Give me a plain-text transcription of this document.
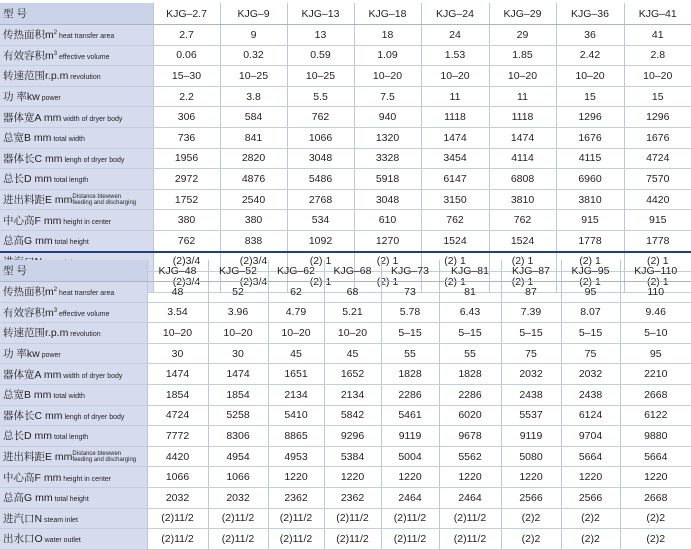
型 号	KJG–2.7	KJG–9	KJG–13	KJG–18	KJG–24	KJG–29	KJG–36	KJG–41
传热面积$m^2$ heat transfer area	2.7	9	13	18	24	29	36	41
有效容积$m^3$ effective volume	0.06	0.32	0.59	1.09	1.53	1.85	2.42	2.8
转速范围r.p.m revolution	15–30	10–25	10–25	10–20	10–20	10–20	10–20	10–20
功 率kw power	2.2	3.8	5.5	7.5	11	11	15	15
器体宽A mm width of dryer body	306	584	762	940	1118	1118	1296	1296
总宽B mm total width	736	841	1066	1320	1474	1474	1676	1676
器体长C mm lengh of dryer body	1956	2820	3048	3328	3454	4114	4115	4724
总长D mm total length	2972	4876	5486	5918	6147	6808	6960	7570
进出料距E mmDistance btewwen feeding and discharging	1752	2540	2768	3048	3150	3810	3810	4420
中心高F mm height in center	380	380	534	610	762	762	915	915
总高G mm total height	762	838	1092	1270	1524	1524	1778	1778
	(2)3/4	(2)3/4	(2) 1	(2) 1	(2) 1	(2) 1	(2) 1	(2) 1
	(2)3/4	(2)3/4	(2) 1	(2) 1	(2) 1	(2) 1	(2) 1	(2) 1
型 号	KJG–48	KJG–52	KJG–62	KJG–68	KJG–73	KJG–81	KJG–87	KJG–95	KJG–110
传热面积$m^2$ heat transfer area	48	52	62	68	73	81	87	95	110
有效容积$m^3$ effective volume	3.54	3.96	4.79	5.21	5.78	6.43	7.39	8.07	9.46
转速范围r.p.m revolution	10–20	10–20	10–20	10–20	5–15	5–15	5–15	5–15	5–10
功 率kw power	30	30	45	45	55	55	75	75	95
器体宽A mm width of dryer body	1474	1474	1651	1652	1828	1828	2032	2032	2210
总宽B mm total width	1854	1854	2134	2134	2286	2286	2438	2438	2668
器体长C mm lengh of dryer body	4724	5258	5410	5842	5461	6020	5537	6124	6122
总长D mm total length	7772	8306	8865	9296	9119	9678	9119	9704	9880
进出料距E mmDistance btewwen feeding and discharging	4420	4954	4953	5384	5004	5562	5080	5664	5664
中心高F mm height in center	1066	1066	1220	1220	1220	1220	1220	1220	1220
总高G mm total height	2032	2032	2362	2362	2464	2464	2566	2566	2668
进汽口N steam inlet	(2)11/2	(2)11/2	(2)11/2	(2)11/2	(2)11/2	(2)11/2	(2)2	(2)2	(2)2
出水口O water outlet	(2)11/2	(2)11/2	(2)11/2	(2)11/2	(2)11/2	(2)11/2	(2)2	(2)2	(2)2
